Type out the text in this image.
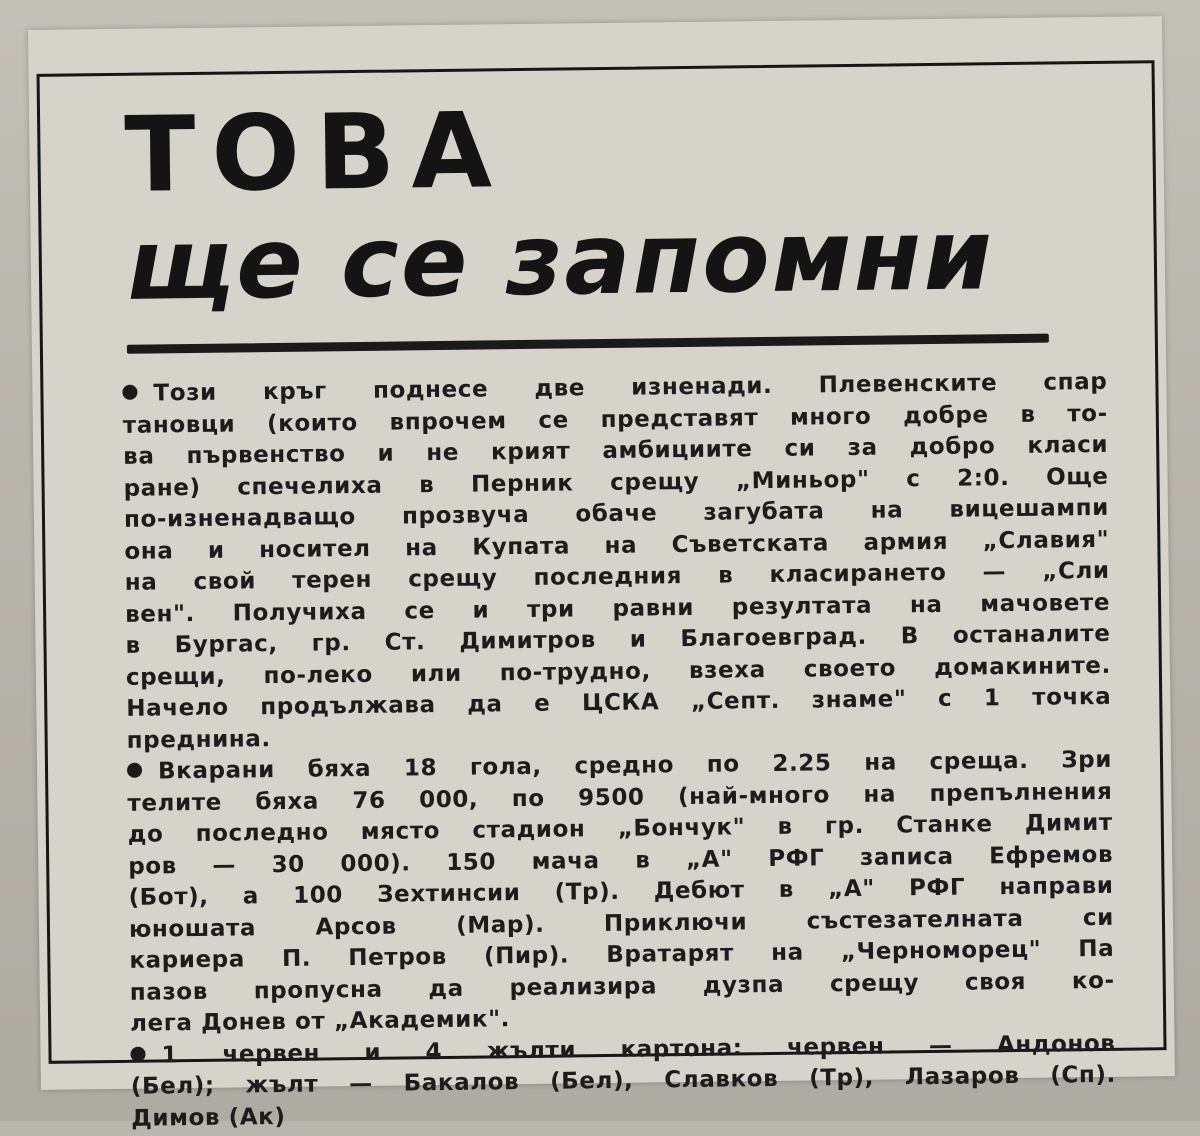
ТОВА
ще се запомни
Този кръг поднесе две изненади. Плевенските спар
тановци (които впрочем се представят много добре в то-
ва първенство и не крият амбициите си за добро класи
ране) спечелиха в Перник срещу „Миньор" с 2:0. Още
по-изненадващо прозвуча обаче загубата на вицешампи
она и носител на Купата на Съветската армия „Славия"
на свой терен срещу последния в класирането — „Сли
вен". Получиха се и три равни резултата на мачовете
в Бургас, гр. Ст. Димитров и Благоевград. В останалите
срещи, по-леко или по-трудно, взеха своето домакините.
Начело продължава да е ЦСКА „Септ. знаме" с 1 точка
преднина.
Вкарани бяха 18 гола, средно по 2.25 на среща. Зри
телите бяха 76 000, по 9500 (най-много на препълнения
до последно място стадион „Бончук" в гр. Станке Димит
ров — 30 000). 150 мача в „А" РФГ записа Ефремов
(Бот), а 100 Зехтинсии (Тр). Дебют в „А" РФГ направи
юношата Арсов (Мар). Приключи състезателната си
кариера П. Петров (Пир). Вратарят на „Черноморец" Па
пазов пропусна да реализира дузпа срещу своя ко-
лега Донев от „Академик".
1 червен и 4 жълти картона: червен — Андонов
(Бел); жълт — Бакалов (Бел), Славков (Тр), Лазаров (Сп).
Димов (Ак)
